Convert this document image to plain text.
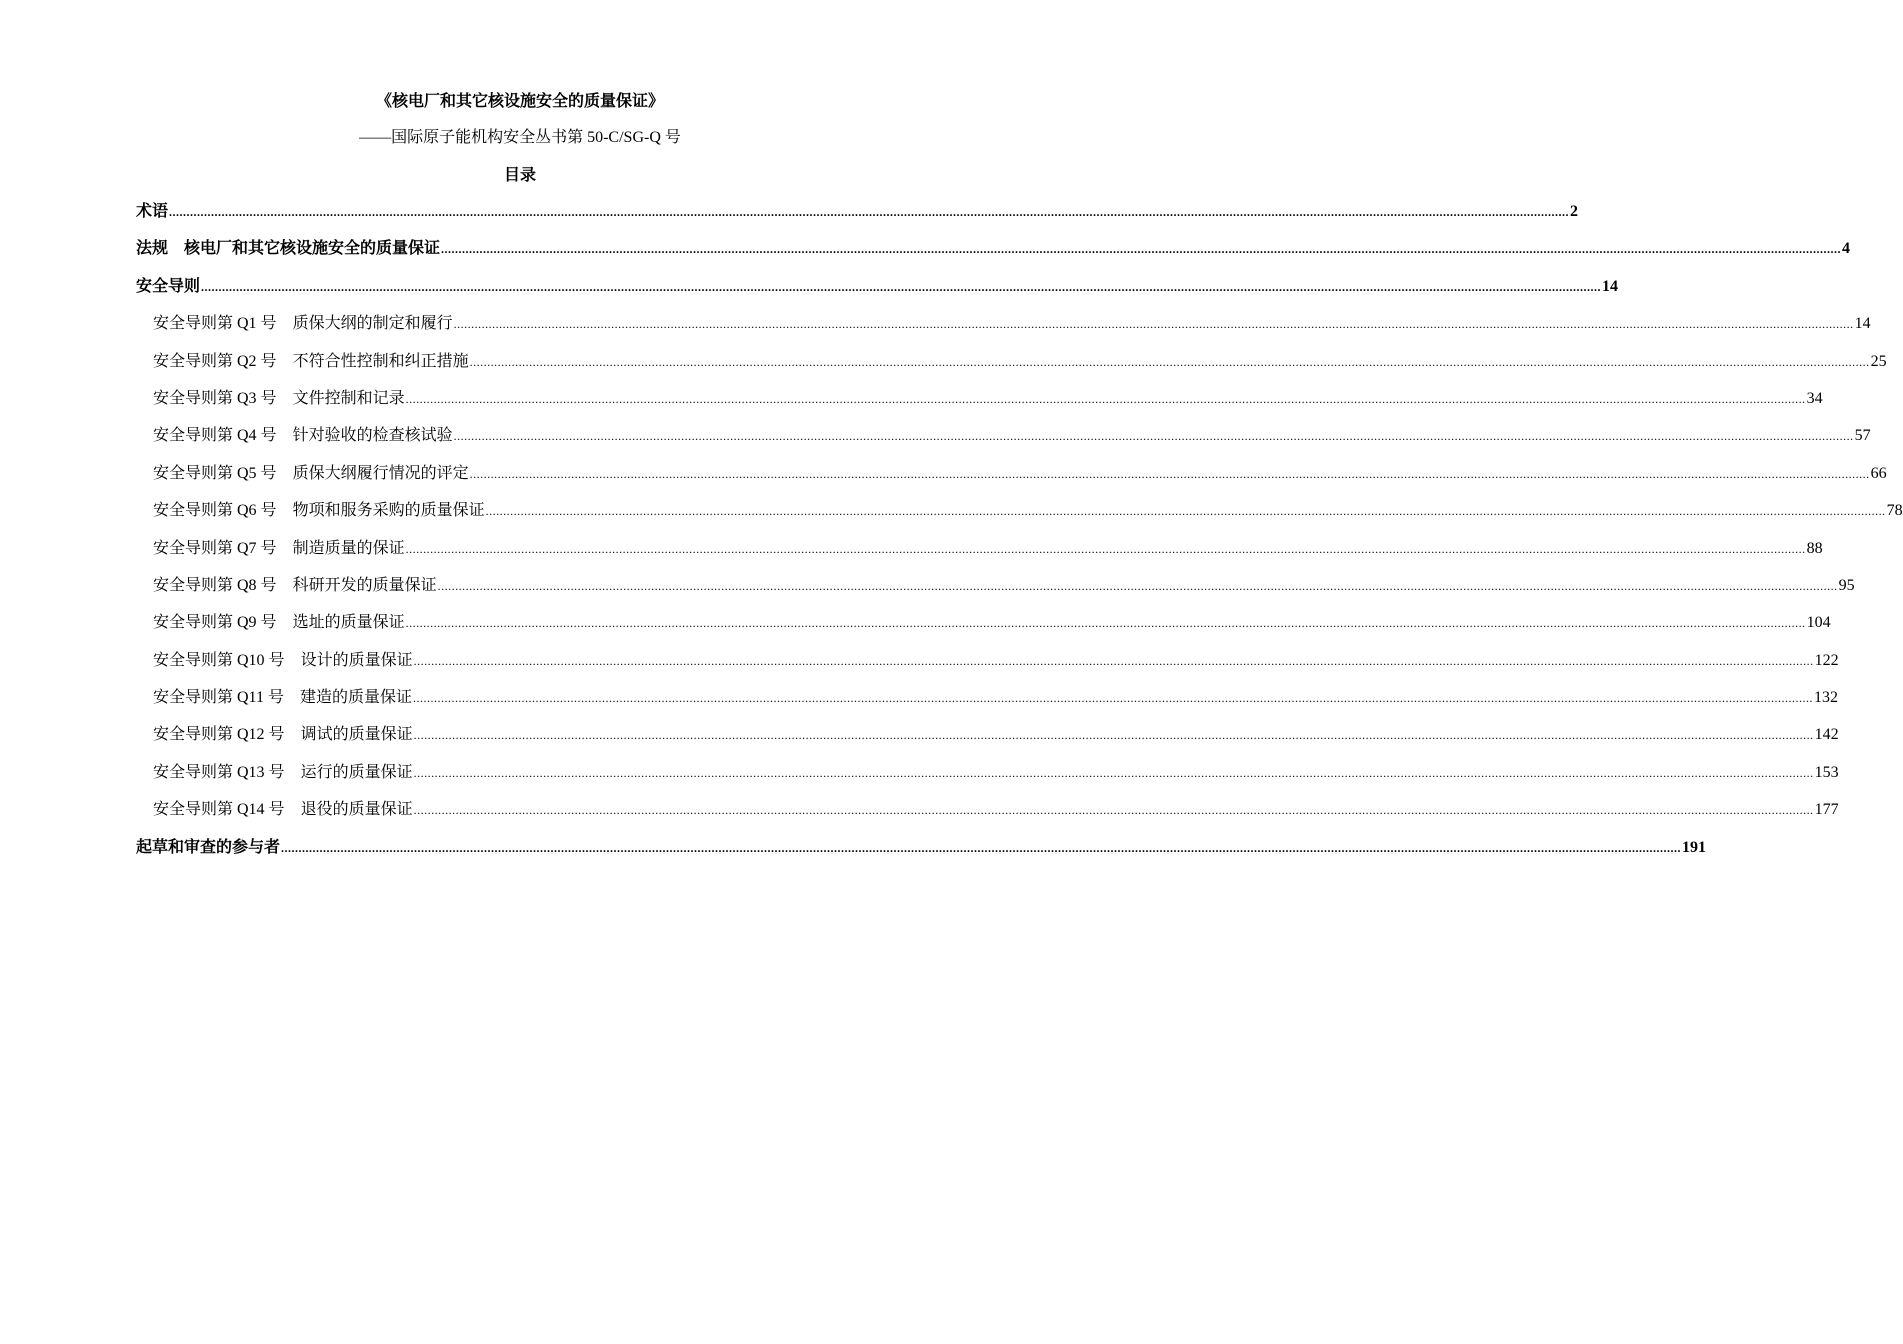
《核电厂和其它核设施安全的质量保证》
——国际原子能机构安全丛书第 50-C/SG-Q 号
目录
术语 ................................................................................................................................................................................................................................................................................................................................................................................................................ 2
法规 核电厂和其它核设施安全的质量保证 ................................................................................................................................................................................................................................................................................................................................................................................................................ 4
安全导则 ................................................................................................................................................................................................................................................................................................................................................................................................................ 14
安全导则第 Q1 号 质保大纲的制定和履行 ................................................................................................................................................................................................................................................................................................................................................................................................................ 14
安全导则第 Q2 号 不符合性控制和纠正措施 ................................................................................................................................................................................................................................................................................................................................................................................................................ 25
安全导则第 Q3 号 文件控制和记录 ................................................................................................................................................................................................................................................................................................................................................................................................................ 34
安全导则第 Q4 号 针对验收的检查核试验 ................................................................................................................................................................................................................................................................................................................................................................................................................ 57
安全导则第 Q5 号 质保大纲履行情况的评定 ................................................................................................................................................................................................................................................................................................................................................................................................................ 66
安全导则第 Q6 号 物项和服务采购的质量保证 ................................................................................................................................................................................................................................................................................................................................................................................................................ 78
安全导则第 Q7 号 制造质量的保证 ................................................................................................................................................................................................................................................................................................................................................................................................................ 88
安全导则第 Q8 号 科研开发的质量保证 ................................................................................................................................................................................................................................................................................................................................................................................................................ 95
安全导则第 Q9 号 选址的质量保证 ................................................................................................................................................................................................................................................................................................................................................................................................................ 104
安全导则第 Q10 号 设计的质量保证 ................................................................................................................................................................................................................................................................................................................................................................................................................ 122
安全导则第 Q11 号 建造的质量保证 ................................................................................................................................................................................................................................................................................................................................................................................................................ 132
安全导则第 Q12 号 调试的质量保证 ................................................................................................................................................................................................................................................................................................................................................................................................................ 142
安全导则第 Q13 号 运行的质量保证 ................................................................................................................................................................................................................................................................................................................................................................................................................ 153
安全导则第 Q14 号 退役的质量保证 ................................................................................................................................................................................................................................................................................................................................................................................................................ 177
起草和审查的参与者 ................................................................................................................................................................................................................................................................................................................................................................................................................ 191
